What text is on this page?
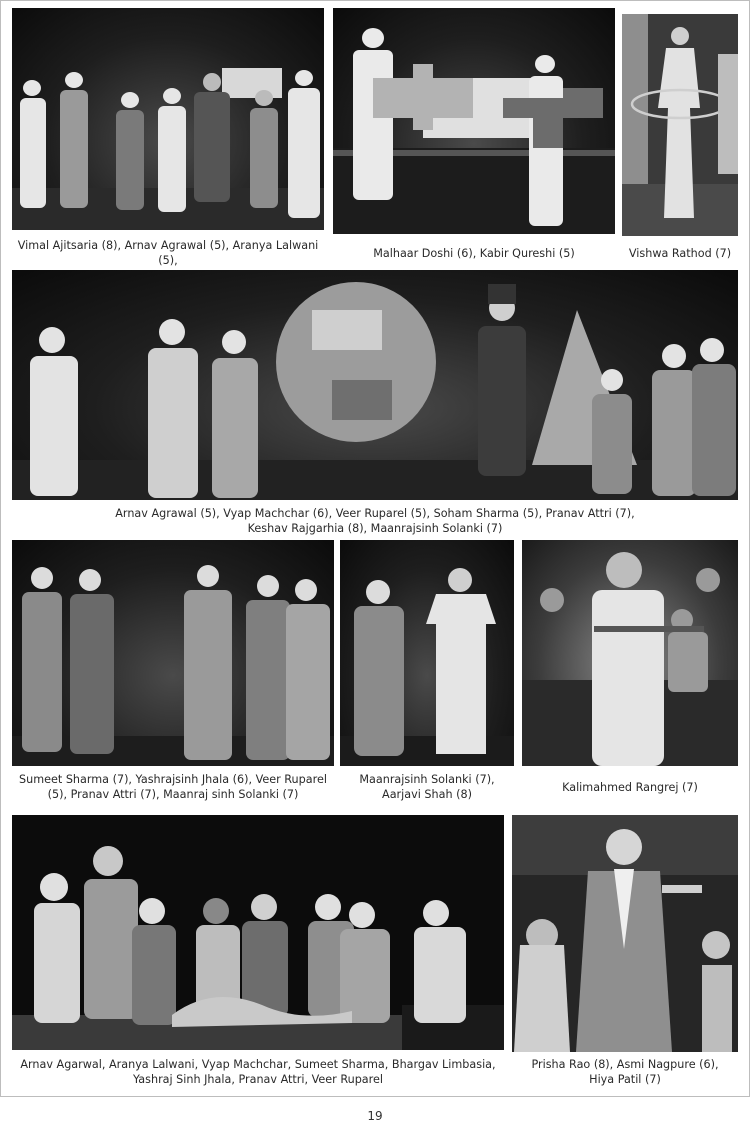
Vimal Ajitsaria (8), Arnav Agrawal (5), Aranya Lalwani (5),
Malhaar Doshi (6), Kabir Qureshi (5)	Vishwa Rathod (7)
Arnav Agrawal (5), Vyap Machchar (6), Veer Ruparel (5), Soham Sharma (5), Pranav Attri (7),
Keshav Rajgarhia (8), Maanrajsinh Solanki (7)
Sumeet Sharma (7), Yashrajsinh Jhala (6), Veer Ruparel
(5), Pranav Attri (7), Maanraj sinh Solanki (7)
Maanrajsinh Solanki (7),
Aarjavi Shah (8)
Kalimahmed Rangrej (7)
Arnav Agarwal, Aranya Lalwani, Vyap Machchar, Sumeet Sharma, Bhargav Limbasia,
Yashraj Sinh Jhala, Pranav Attri, Veer Ruparel
Prisha Rao (8), Asmi Nagpure (6),
Hiya Patil (7)
19
